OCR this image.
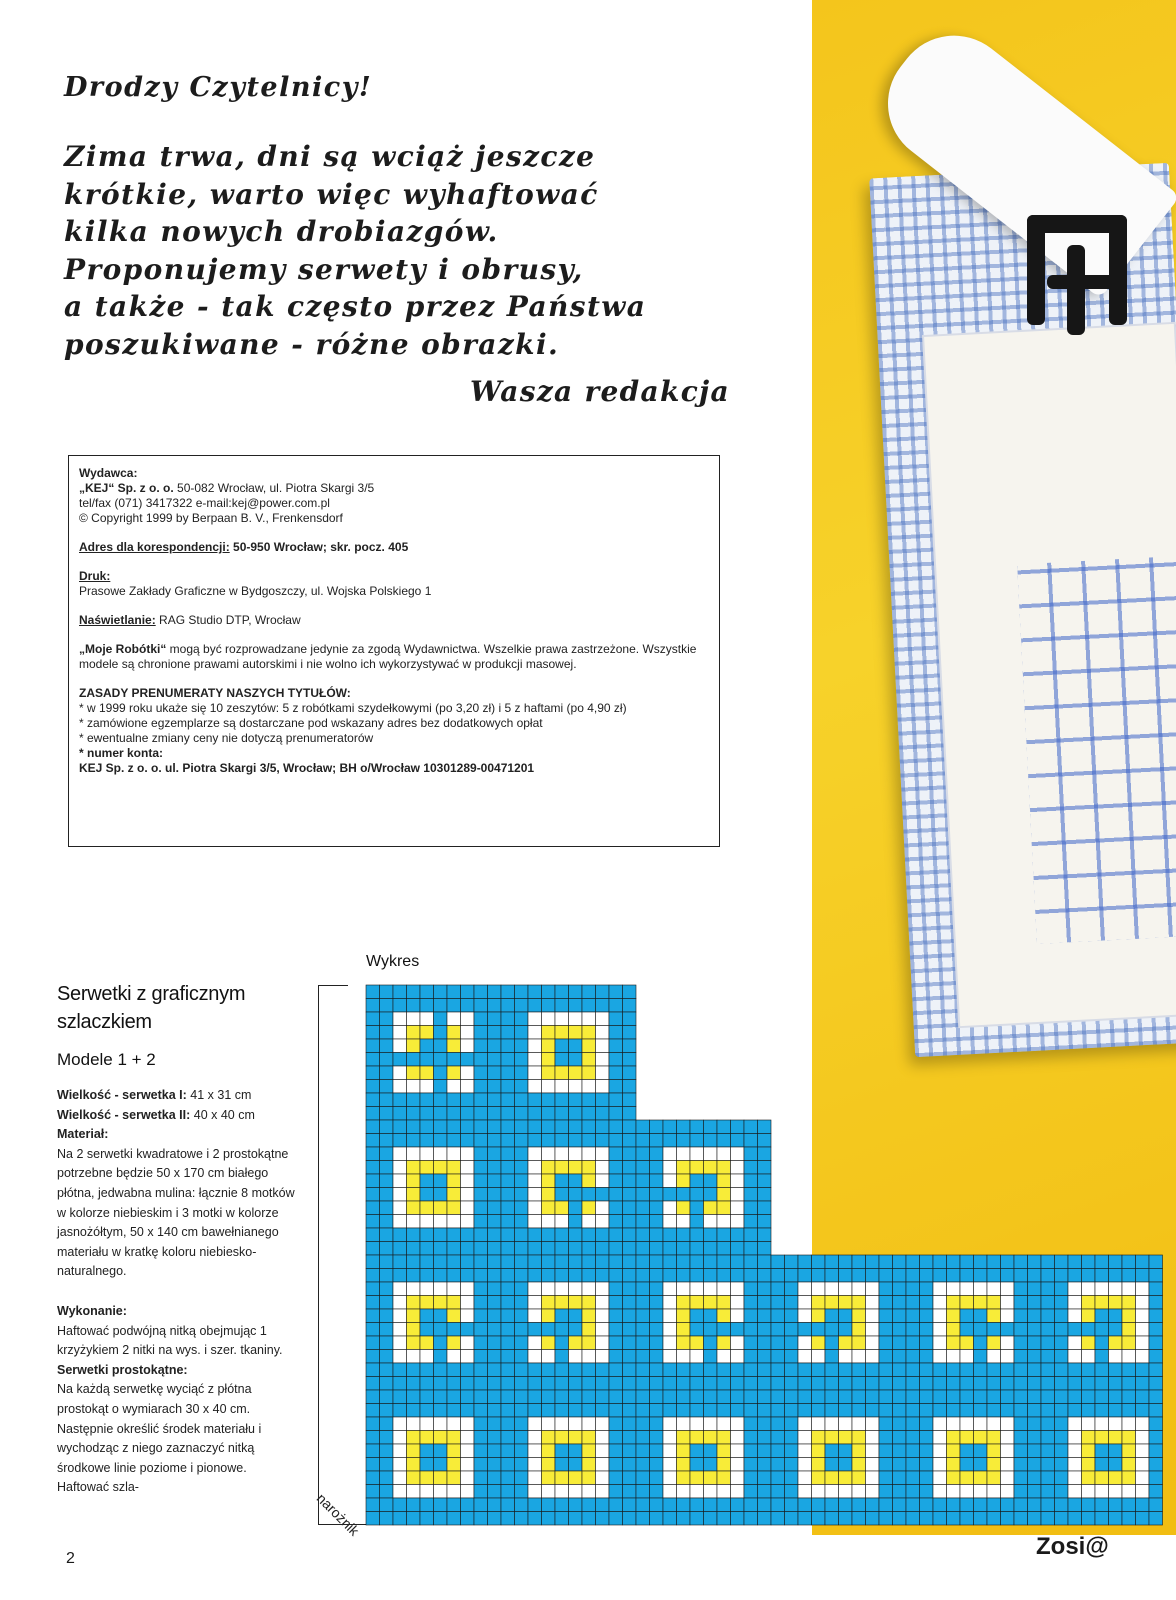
Drodzy Czytelnicy!

Zima trwa, dni są wciąż jeszcze
krótkie, warto więc wyhaftować
kilka nowych drobiazgów.
Proponujemy serwety i obrusy,
a także - tak często przez Państwa
poszukiwane - różne obrazki.

Wasza redakcja

Wydawca:

„KEJ“ Sp. z o. o. 50-082 Wrocław, ul. Piotra Skargi 3/5

tel/fax (071) 3417322 e-mail:kej@power.com.pl

© Copyright 1999 by Berpaan B. V., Frenkensdorf

Adres dla korespondencji: 50-950 Wrocław; skr. pocz. 405

Druk:

Prasowe Zakłady Graficzne w Bydgoszczy, ul. Wojska Polskiego 1

Naświetlanie: RAG Studio DTP, Wrocław

„Moje Robótki“ mogą być rozprowadzane jedynie za zgodą Wydawnictwa. Wszelkie prawa zastrzeżone. Wszystkie modele są chronione prawami autorskimi i nie wolno ich wykorzystywać w produkcji masowej.

ZASADY PRENUMERATY NASZYCH TYTUŁÓW:

* w 1999 roku ukaże się 10 zeszytów: 5 z robótkami szydełkowymi (po 3,20 zł) i 5 z haftami (po 4,90 zł)

* zamówione egzemplarze są dostarczane pod wskazany adres bez dodatkowych opłat

* ewentualne zmiany ceny nie dotyczą prenumeratorów

* numer konta:

KEJ Sp. z o. o. ul. Piotra Skargi 3/5, Wrocław; BH o/Wrocław 10301289-00471201

Serwetki z graficznym szlaczkiem
Modele 1 + 2

Wielkość - serwetka I: 41 x 31 cm

Wielkość - serwetka II: 40 x 40 cm

Materiał:

Na 2 serwetki kwadratowe i 2 prostokątne potrzebne będzie 50 x 170 cm białego płótna, jedwabna mulina: łącznie 8 motków w kolorze niebieskim i 3 motki w kolorze jasnożółtym, 50 x 140 cm bawełnianego materiału w kratkę koloru niebiesko-naturalnego.

Wykonanie:

Haftować podwójną nitką obejmując 1 krzyżykiem 2 nitki na wys. i szer. tkaniny.

Serwetki prostokątne:

Na każdą serwetkę wyciąć z płótna prostokąt o wymiarach 30 x 40 cm. Następnie określić środek materiału i wychodząc z niego zaznaczyć nitką środkowe linie poziome i pionowe. Haftować szla-

Wykres
narożnik
2	Zosi@
